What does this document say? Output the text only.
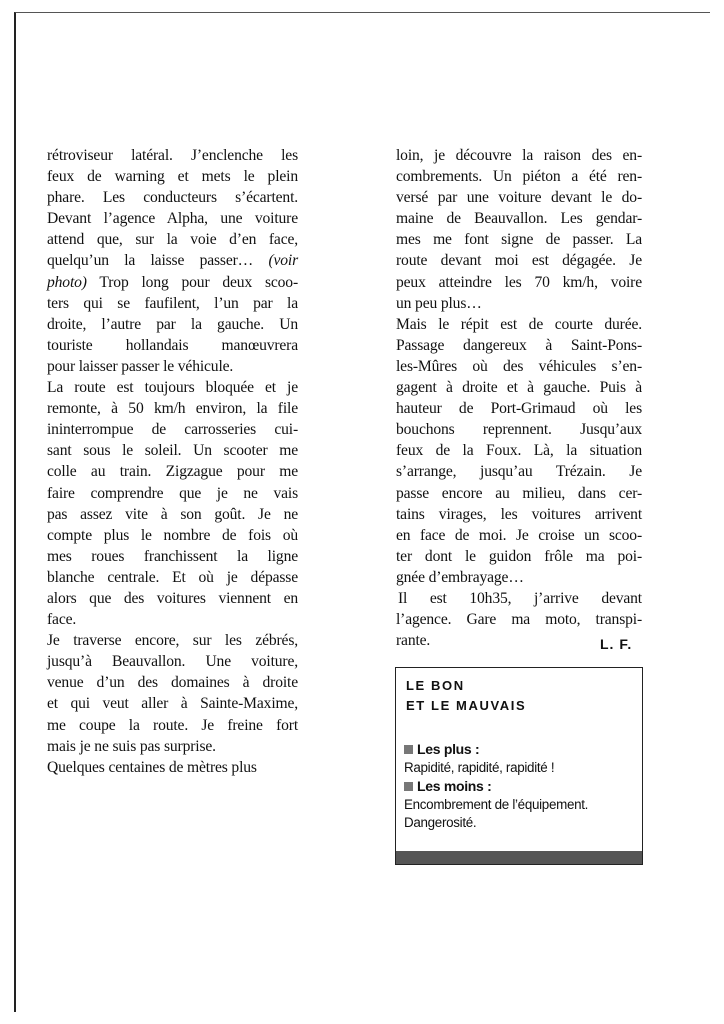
rétroviseur latéral. J’enclenche les
feux de warning et mets le plein
phare. Les conducteurs s’écartent.
Devant l’agence Alpha, une voiture
attend que, sur la voie d’en face,
quelqu’un la laisse passer… (voir
photo) Trop long pour deux scoo-
ters qui se faufilent, l’un par la
droite, l’autre par la gauche. Un
touriste hollandais manœuvrera
pour laisser passer le véhicule.
La route est toujours bloquée et je
remonte, à 50 km/h environ, la file
ininterrompue de carrosseries cui-
sant sous le soleil. Un scooter me
colle au train. Zigzague pour me
faire comprendre que je ne vais
pas assez vite à son goût. Je ne
compte plus le nombre de fois où
mes roues franchissent la ligne
blanche centrale. Et où je dépasse
alors que des voitures viennent en
face.
Je traverse encore, sur les zébrés,
jusqu’à Beauvallon. Une voiture,
venue d’un des domaines à droite
et qui veut aller à Sainte-Maxime,
me coupe la route. Je freine fort
mais je ne suis pas surprise.
Quelques centaines de mètres plus
loin, je découvre la raison des en-
combrements. Un piéton a été ren-
versé par une voiture devant le do-
maine de Beauvallon. Les gendar-
mes me font signe de passer. La
route devant moi est dégagée. Je
peux atteindre les 70 km/h, voire
un peu plus…
Mais le répit est de courte durée.
Passage dangereux à Saint-Pons-
les-Mûres où des véhicules s’en-
gagent à droite et à gauche. Puis à
hauteur de Port-Grimaud où les
bouchons reprennent. Jusqu’aux
feux de la Foux. Là, la situation
s’arrange, jusqu’au Trézain. Je
passe encore au milieu, dans cer-
tains virages, les voitures arrivent
en face de moi. Je croise un scoo-
ter dont le guidon frôle ma poi-
gnée d’embrayage…
Il est 10h35, j’arrive devant
l’agence. Gare ma moto, transpi-
rante.	L. F.
LE BON
ET LE MAUVAIS
Les plus :
Rapidité, rapidité, rapidité !
Les moins :
Encombrement de l’équipement.
Dangerosité.
